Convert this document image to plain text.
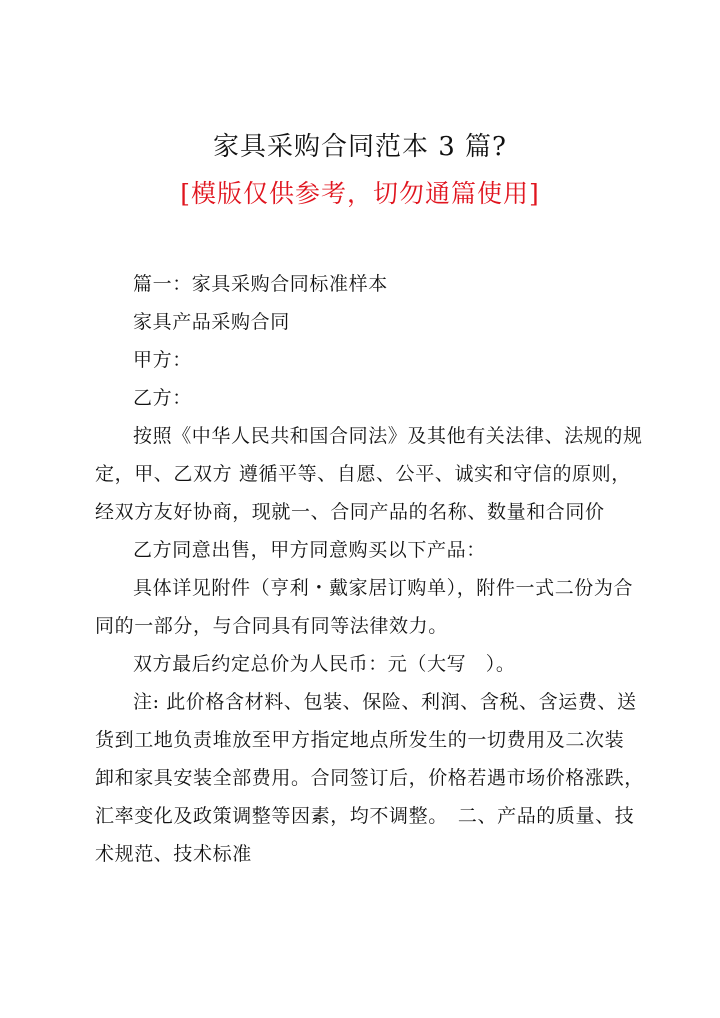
家具采购合同范本 3 篇?
[模版仅供参考，切勿通篇使用]

篇一：家具采购合同标准样本

家具产品采购合同

甲方：

乙方：

按照《中华人民共和国合同法》及其他有关法律、法规的规
定，甲、乙双方 遵循平等、自愿、公平、诚实和守信的原则，
经双方友好协商，现就一、合同产品的名称、数量和合同价

乙方同意出售，甲方同意购买以下产品：

具体详见附件（亨利・戴家居订购单），附件一式二份为合
同的一部分，与合同具有同等法律效力。

双方最后约定总价为人民币：元（大写　）。

注: 此价格含材料、包装、保险、利润、含税、含运费、送
货到工地负责堆放至甲方指定地点所发生的一切费用及二次装
卸和家具安装全部费用。合同签订后，价格若遇市场价格涨跌，
汇率变化及政策调整等因素，均不调整。　二、产品的质量、技
术规范、技术标准
